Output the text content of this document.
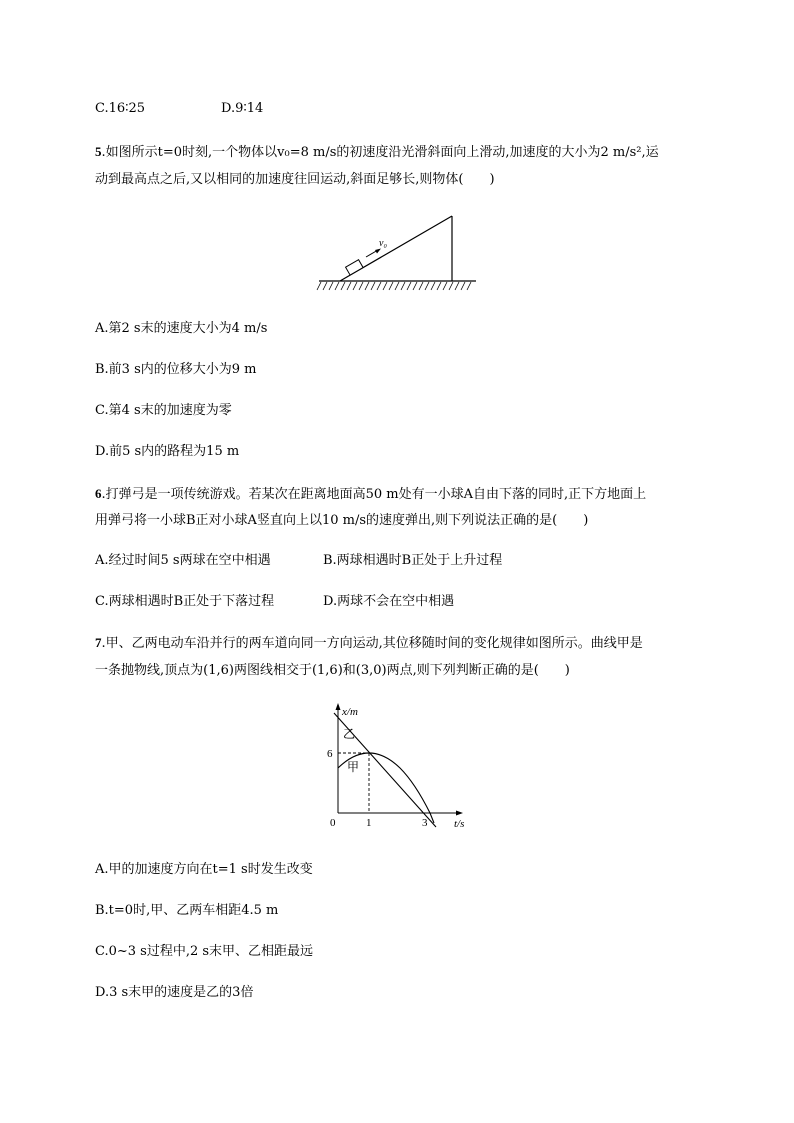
C.16∶25	D.9∶14
5.如图所示t=0时刻,一个物体以v₀=8 m/s的初速度沿光滑斜面向上滑动,加速度的大小为2 m/s²,运
动到最高点之后,又以相同的加速度往回运动,斜面足够长,则物体(　　)
v₀
A.第2 s末的速度大小为4 m/s
B.前3 s内的位移大小为9 m
C.第4 s末的加速度为零
D.前5 s内的路程为15 m
6.打弹弓是一项传统游戏。若某次在距离地面高50 m处有一小球A自由下落的同时,正下方地面上
用弹弓将一小球B正对小球A竖直向上以10 m/s的速度弹出,则下列说法正确的是(　　)
A.经过时间5 s两球在空中相遇	B.两球相遇时B正处于上升过程
C.两球相遇时B正处于下落过程	D.两球不会在空中相遇
7.甲、乙两电动车沿并行的两车道向同一方向运动,其位移随时间的变化规律如图所示。曲线甲是
一条抛物线,顶点为(1,6)两图线相交于(1,6)和(3,0)两点,则下列判断正确的是(　　)
x/m
乙
甲
6
0	1	3 t/s
A.甲的加速度方向在t=1 s时发生改变
B.t=0时,甲、乙两车相距4.5 m
C.0~3 s过程中,2 s末甲、乙相距最远
D.3 s末甲的速度是乙的3倍
